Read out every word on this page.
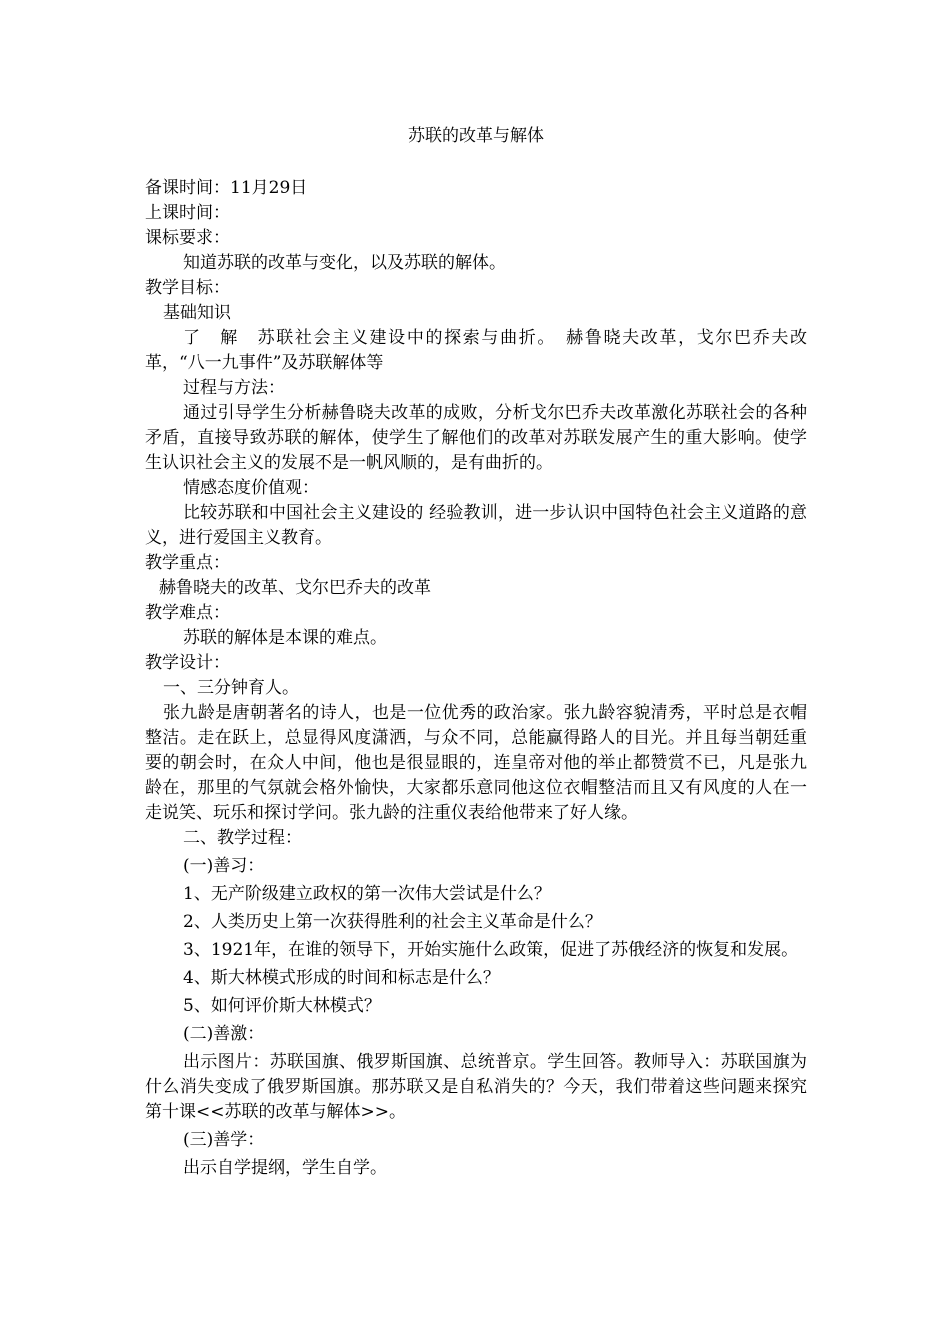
苏联的改革与解体

备课时间：11月29日

上课时间：

课标要求：

知道苏联的改革与变化，以及苏联的解体。

教学目标：

基础知识

了　解　苏联社会主义建设中的探索与曲折。　赫鲁晓夫改革，戈尔巴乔夫改革，“八一九事件”及苏联解体等

过程与方法：

通过引导学生分析赫鲁晓夫改革的成败，分析戈尔巴乔夫改革激化苏联社会的各种矛盾，直接导致苏联的解体，使学生了解他们的改革对苏联发展产生的重大影响。使学生认识社会主义的发展不是一帆风顺的，是有曲折的。

情感态度价值观：

比较苏联和中国社会主义建设的 经验教训，进一步认识中国特色社会主义道路的意义，进行爱国主义教育。

教学重点：

赫鲁晓夫的改革、戈尔巴乔夫的改革

教学难点：

苏联的解体是本课的难点。

教学设计：

一、三分钟育人。

张九龄是唐朝著名的诗人，也是一位优秀的政治家。张九龄容貌清秀，平时总是衣帽整洁。走在跃上，总显得风度潇洒，与众不同，总能赢得路人的目光。并且每当朝廷重要的朝会时，在众人中间，他也是很显眼的，连皇帝对他的举止都赞赏不已，凡是张九龄在，那里的气氛就会格外愉快，大家都乐意同他这位衣帽整洁而且又有风度的人在一走说笑、玩乐和探讨学问。张九龄的注重仪表给他带来了好人缘。

二、教学过程：

(一)善习：

1、无产阶级建立政权的第一次伟大尝试是什么？

2、人类历史上第一次获得胜利的社会主义革命是什么？

3、1921年，在谁的领导下，开始实施什么政策，促进了苏俄经济的恢复和发展。

4、斯大林模式形成的时间和标志是什么？

5、如何评价斯大林模式？

(二)善激：

出示图片：苏联国旗、俄罗斯国旗、总统普京。学生回答。教师导入：苏联国旗为什么消失变成了俄罗斯国旗。那苏联又是自私消失的？今天，我们带着这些问题来探究第十课<<苏联的改革与解体>>。

(三)善学：

出示自学提纲，学生自学。
